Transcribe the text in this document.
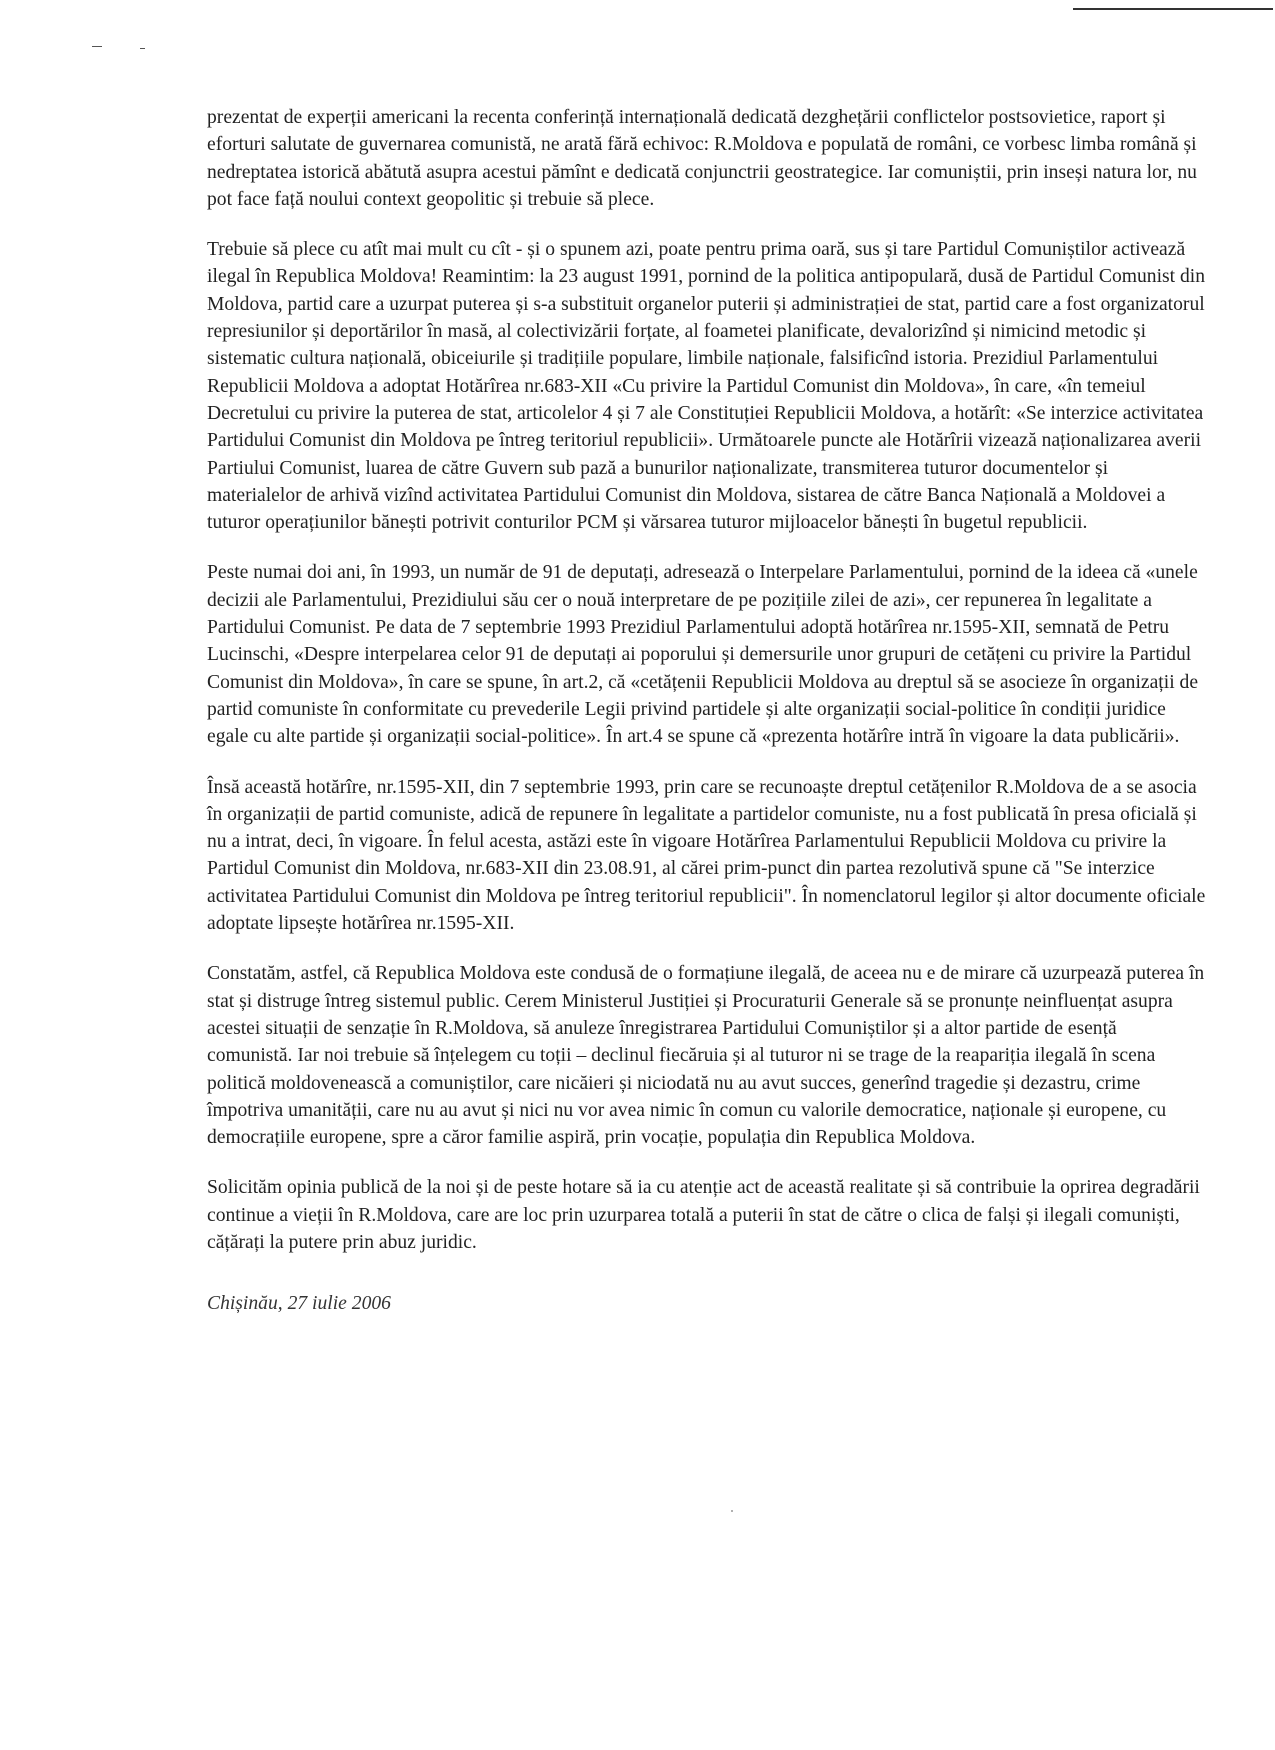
prezentat de experții americani la recenta conferință internațională dedicată dezghețării conflictelor postsovietice, raport și eforturi salutate de guvernarea comunistă, ne arată fără echivoc: R.Moldova e populată de români, ce vorbesc limba română și nedreptatea istorică abătută asupra acestui pămînt e dedicată conjunctrii geostrategice. Iar comuniștii, prin inseși natura lor, nu pot face față noului context geopolitic și trebuie să plece.

Trebuie să plece cu atît mai mult cu cît - și o spunem azi, poate pentru prima oară, sus și tare Partidul Comuniștilor activează ilegal în Republica Moldova! Reamintim: la 23 august 1991, pornind de la politica antipopulară, dusă de Partidul Comunist din Moldova, partid care a uzurpat puterea și s-a substituit organelor puterii și administrației de stat, partid care a fost organizatorul represiunilor și deportărilor în masă, al colectivizării forțate, al foametei planificate, devalorizînd și nimicind metodic și sistematic cultura națională, obiceiurile și tradițiile populare, limbile naționale, falsificînd istoria. Prezidiul Parlamentului Republicii Moldova a adoptat Hotărîrea nr.683-XII «Cu privire la Partidul Comunist din Moldova», în care, «în temeiul Decretului cu privire la puterea de stat, articolelor 4 și 7 ale Constituției Republicii Moldova, a hotărît: «Se interzice activitatea Partidului Comunist din Moldova pe întreg teritoriul republicii». Următoarele puncte ale Hotărîrii vizează naționalizarea averii Partiului Comunist, luarea de către Guvern sub pază a bunurilor naționalizate, transmiterea tuturor documentelor și materialelor de arhivă vizînd activitatea Partidului Comunist din Moldova, sistarea de către Banca Națională a Moldovei a tuturor operațiunilor bănești potrivit conturilor PCM și vărsarea tuturor mijloacelor bănești în bugetul republicii.

Peste numai doi ani, în 1993, un număr de 91 de deputați, adresează o Interpelare Parlamentului, pornind de la ideea că «unele decizii ale Parlamentului, Prezidiului său cer o nouă interpretare de pe pozițiile zilei de azi», cer repunerea în legalitate a Partidului Comunist. Pe data de 7 septembrie 1993 Prezidiul Parlamentului adoptă hotărîrea nr.1595-XII, semnată de Petru Lucinschi, «Despre interpelarea celor 91 de deputați ai poporului și demersurile unor grupuri de cetățeni cu privire la Partidul Comunist din Moldova», în care se spune, în art.2, că «cetățenii Republicii Moldova au dreptul să se asocieze în organizații de partid comuniste în conformitate cu prevederile Legii privind partidele și alte organizații social-politice în condiții juridice egale cu alte partide și organizații social-politice». În art.4 se spune că «prezenta hotărîre intră în vigoare la data publicării».

Însă această hotărîre, nr.1595-XII, din 7 septembrie 1993, prin care se recunoaște dreptul cetățenilor R.Moldova de a se asocia în organizații de partid comuniste, adică de repunere în legalitate a partidelor comuniste, nu a fost publicată în presa oficială și nu a intrat, deci, în vigoare. În felul acesta, astăzi este în vigoare Hotărîrea Parlamentului Republicii Moldova cu privire la Partidul Comunist din Moldova, nr.683-XII din 23.08.91, al cărei prim-punct din partea rezolutivă spune că "Se interzice activitatea Partidului Comunist din Moldova pe întreg teritoriul republicii". În nomenclatorul legilor și altor documente oficiale adoptate lipsește hotărîrea nr.1595-XII.

Constatăm, astfel, că Republica Moldova este condusă de o formațiune ilegală, de aceea nu e de mirare că uzurpează puterea în stat și distruge întreg sistemul public. Cerem Ministerul Justiției și Procuraturii Generale să se pronunțe neinfluențat asupra acestei situații de senzație în R.Moldova, să anuleze înregistrarea Partidului Comuniștilor și a altor partide de esență comunistă. Iar noi trebuie să înțelegem cu toții – declinul fiecăruia și al tuturor ni se trage de la reapariția ilegală în scena politică moldovenească a comuniștilor, care nicăieri și niciodată nu au avut succes, generînd tragedie și dezastru, crime împotriva umanității, care nu au avut și nici nu vor avea nimic în comun cu valorile democratice, naționale și europene, cu democrațiile europene, spre a căror familie aspiră, prin vocație, populația din Republica Moldova.

Solicităm opinia publică de la noi și de peste hotare să ia cu atenție act de această realitate și să contribuie la oprirea degradării continue a vieții în R.Moldova, care are loc prin uzurparea totală a puterii în stat de către o clica de falși și ilegali comuniști, cățărați la putere prin abuz juridic.

Chișinău, 27 iulie 2006
